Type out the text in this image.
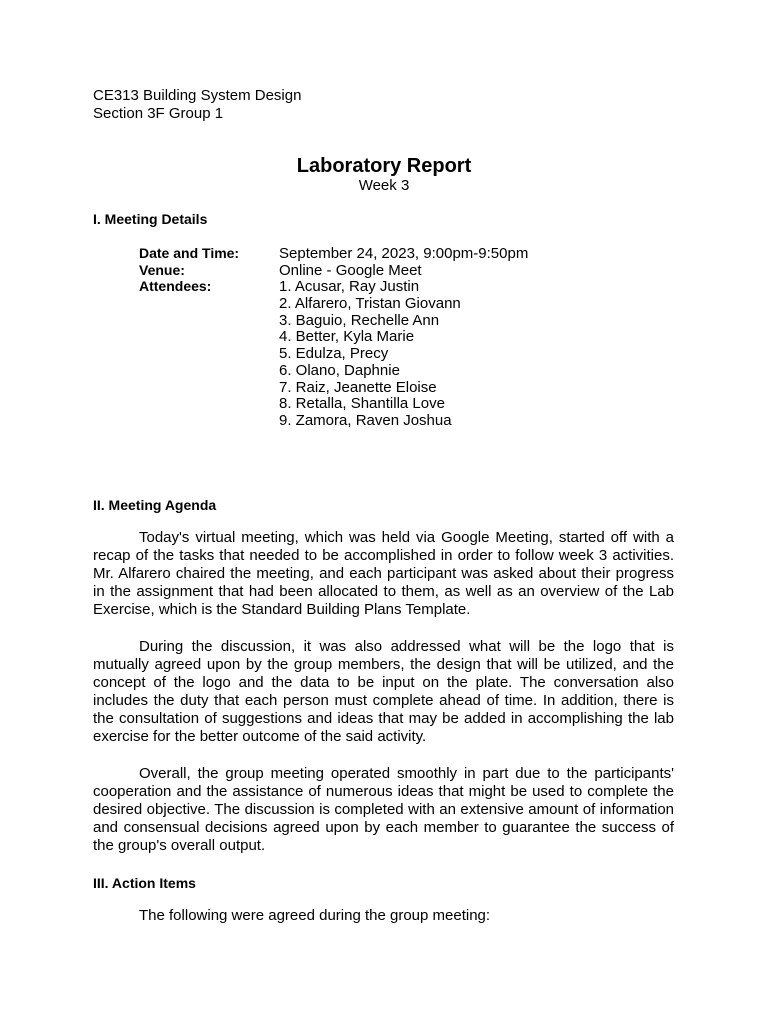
CE313 Building System Design
Section 3F Group 1
Laboratory Report
Week 3
I. Meeting Details
Date and Time:	September 24, 2023, 9:00pm-9:50pm
Venue:	Online - Google Meet
Attendees:	1. Acusar, Ray Justin
2. Alfarero, Tristan Giovann
3. Baguio, Rechelle Ann
4. Better, Kyla Marie
5. Edulza, Precy
6. Olano, Daphnie
7. Raiz, Jeanette Eloise
8. Retalla, Shantilla Love
9. Zamora, Raven Joshua
II. Meeting Agenda

Today's virtual meeting, which was held via Google Meeting, started off with a recap of the tasks that needed to be accomplished in order to follow week 3 activities. Mr. Alfarero chaired the meeting, and each participant was asked about their progress in the assignment that had been allocated to them, as well as an overview of the Lab Exercise, which is the Standard Building Plans Template.

During the discussion, it was also addressed what will be the logo that is mutually agreed upon by the group members, the design that will be utilized, and the concept of the logo and the data to be input on the plate. The conversation also includes the duty that each person must complete ahead of time. In addition, there is the consultation of suggestions and ideas that may be added in accomplishing the lab exercise for the better outcome of the said activity.

Overall, the group meeting operated smoothly in part due to the participants' cooperation and the assistance of numerous ideas that might be used to complete the desired objective. The discussion is completed with an extensive amount of information and consensual decisions agreed upon by each member to guarantee the success of the group's overall output.

III. Action Items
The following were agreed during the group meeting:
